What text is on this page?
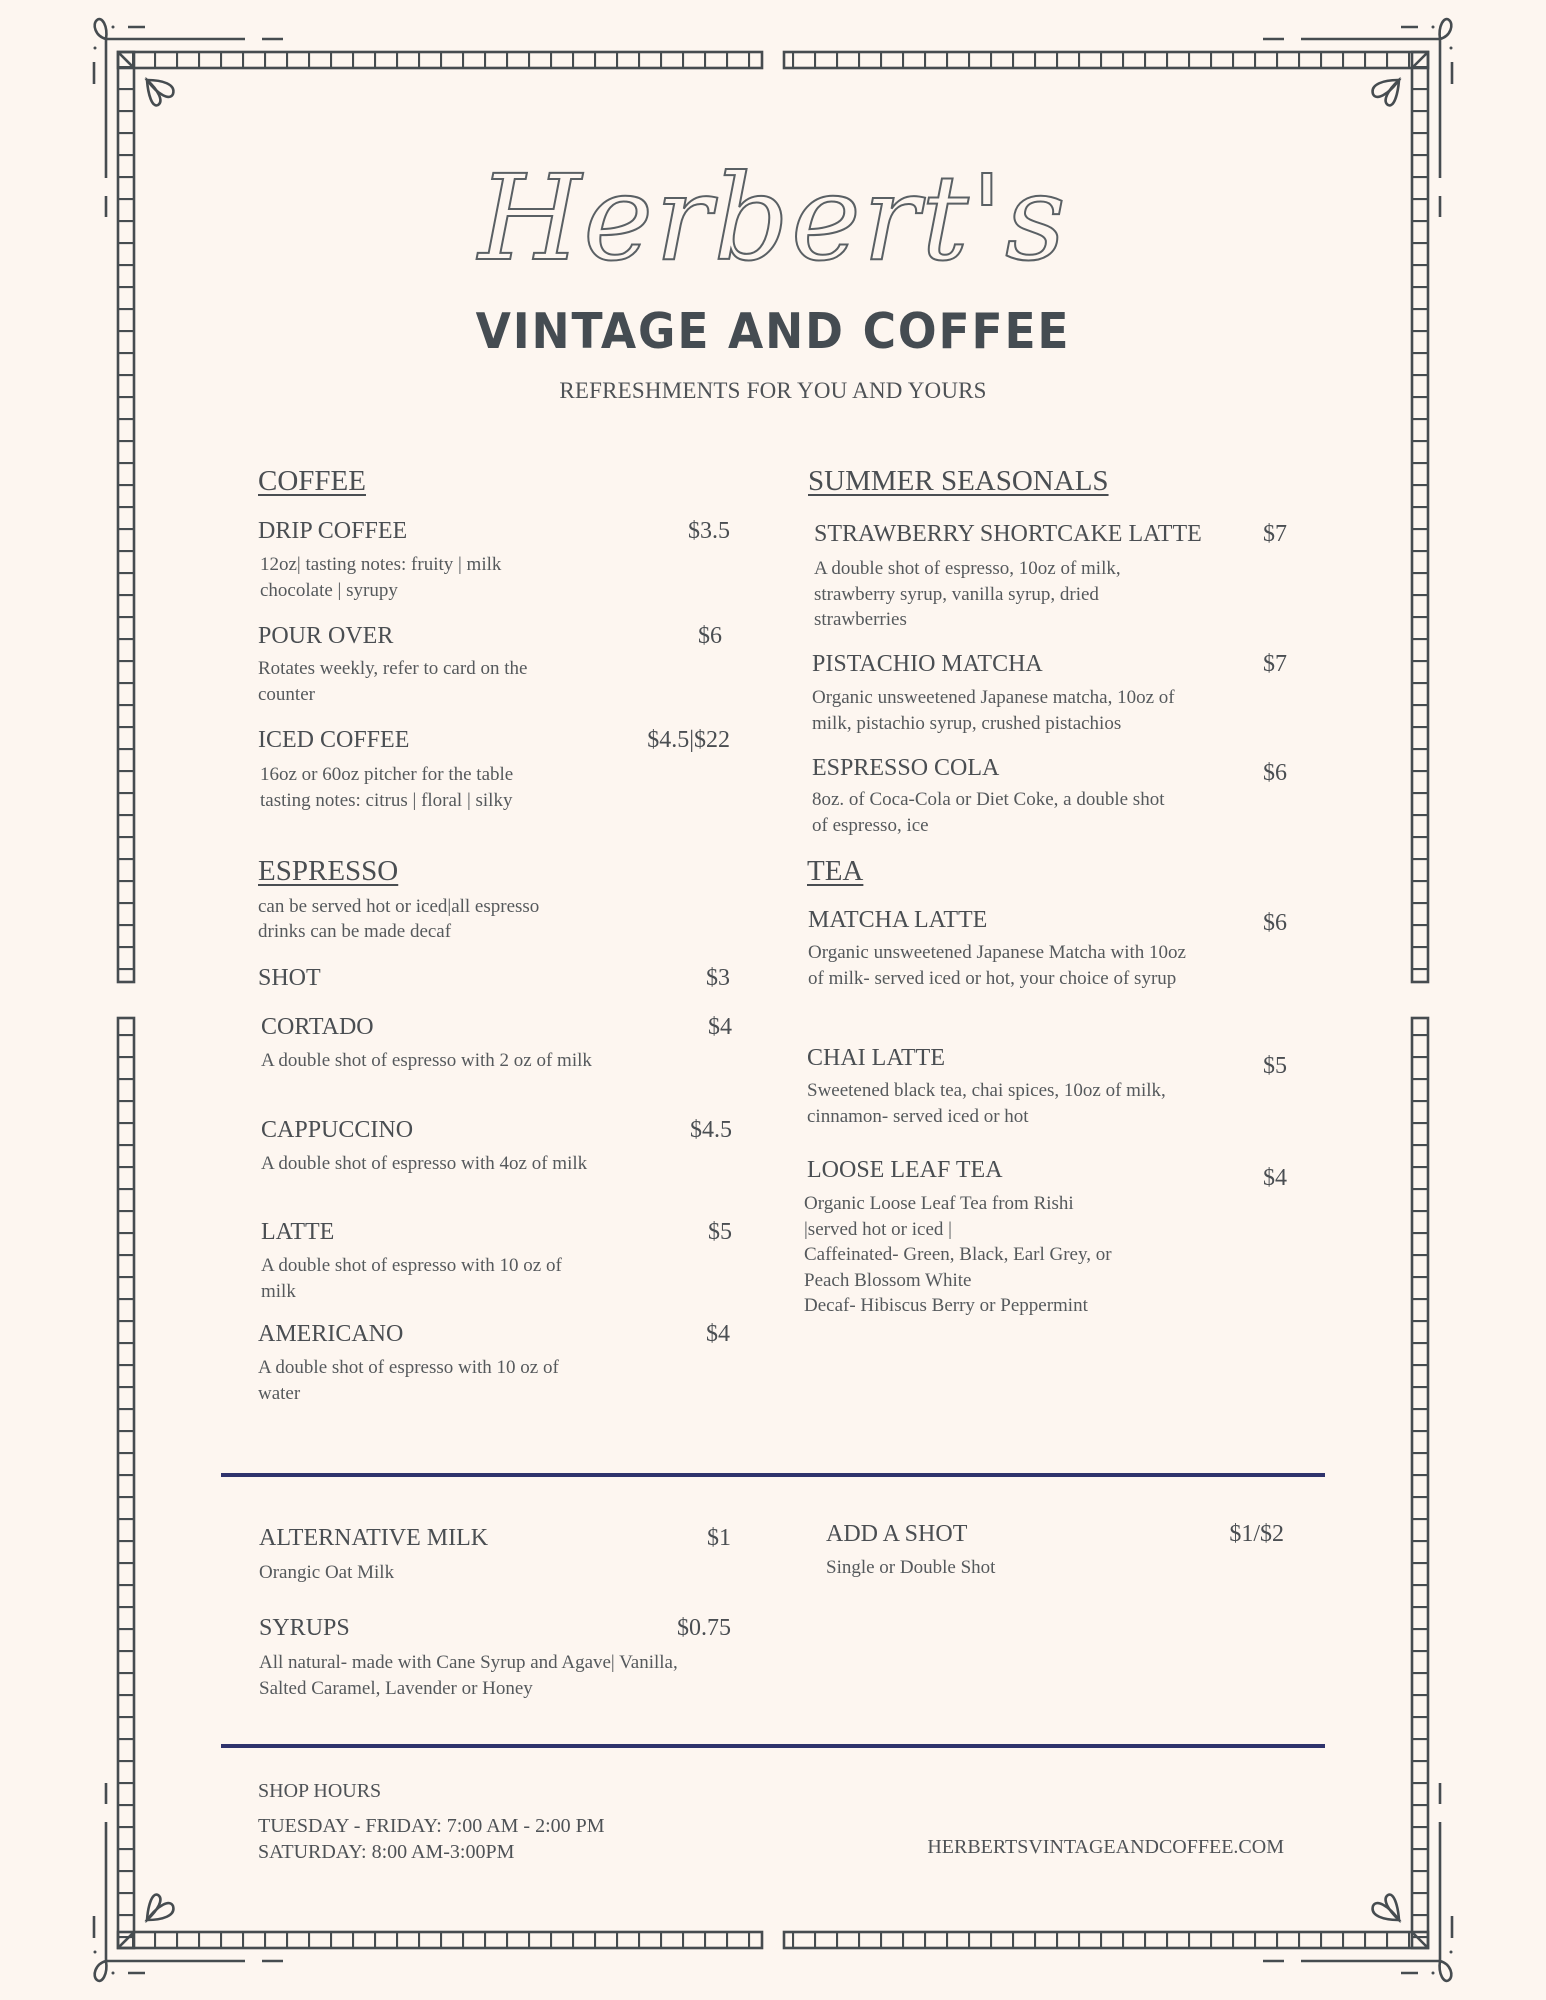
Herbert's
VINTAGE AND COFFEE
REFRESHMENTS FOR YOU AND YOURS
COFFEE
DRIP COFFEE	$3.5
12oz| tasting notes: fruity | milk chocolate | syrupy
POUR OVER	$6
Rotates weekly, refer to card on the counter
ICED COFFEE	$4.5|$22
16oz or 60oz pitcher for the table tasting notes: citrus | floral | silky
ESPRESSO
can be served hot or iced|all espresso drinks can be made decaf
SHOT	$3
CORTADO	$4
A double shot of espresso with 2 oz of milk
CAPPUCCINO	$4.5
A double shot of espresso with 4oz of milk
LATTE	$5
A double shot of espresso with 10 oz of milk
AMERICANO	$4
A double shot of espresso with 10 oz of water
SUMMER SEASONALS
STRAWBERRY SHORTCAKE LATTE	$7
A double shot of espresso, 10oz of milk, strawberry syrup, vanilla syrup, dried strawberries
PISTACHIO MATCHA	$7
Organic unsweetened Japanese matcha, 10oz of milk, pistachio syrup, crushed pistachios
ESPRESSO COLA	$6
8oz. of Coca-Cola or Diet Coke, a double shot of espresso, ice
TEA
MATCHA LATTE	$6
Organic unsweetened Japanese Matcha with 10oz of milk- served iced or hot, your choice of syrup
CHAI LATTE	$5
Sweetened black tea, chai spices, 10oz of milk, cinnamon- served iced or hot
LOOSE LEAF TEA	$4
Organic Loose Leaf Tea from Rishi
|served hot or iced |
Caffeinated- Green, Black, Earl Grey, or
Peach Blossom White
Decaf- Hibiscus Berry or Peppermint
ALTERNATIVE MILK	$1
Orangic Oat Milk
SYRUPS	$0.75
All natural- made with Cane Syrup and Agave| Vanilla, Salted Caramel, Lavender or Honey
ADD A SHOT	$1/$2
Single or Double Shot
SHOP HOURS
TUESDAY - FRIDAY: 7:00 AM - 2:00 PM
SATURDAY: 8:00 AM-3:00PM	HERBERTSVINTAGEANDCOFFEE.COM
